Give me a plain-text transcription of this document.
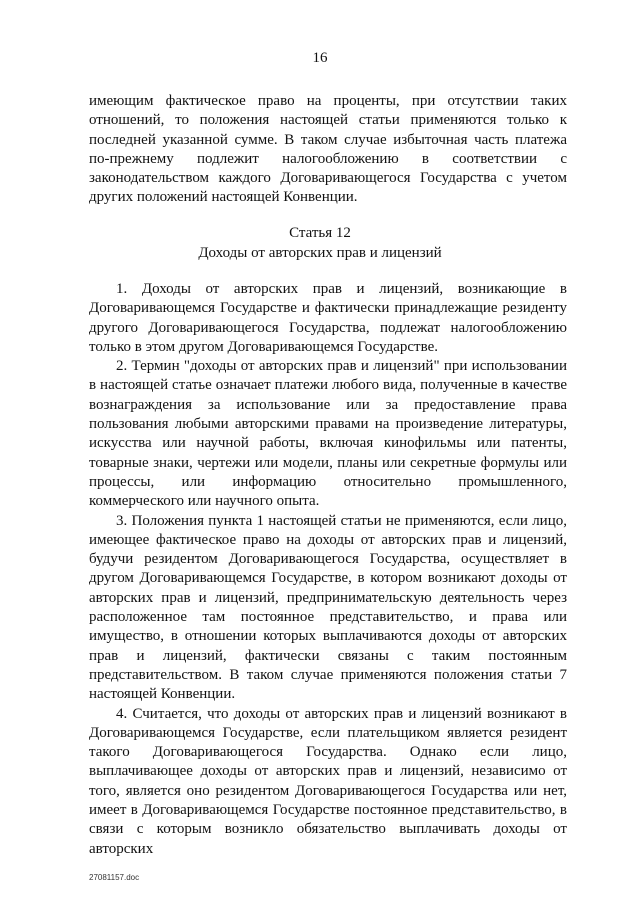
16

имеющим фактическое право на проценты, при отсутствии таких отношений, то положения настоящей статьи применяются только к последней указанной сумме. В таком случае избыточная часть платежа по-прежнему подлежит налогообложению в соответствии с законодательством каждого Договаривающегося Государства с учетом других положений настоящей Конвенции.

Статья 12
Доходы от авторских прав и лицензий

1. Доходы от авторских прав и лицензий, возникающие в Договаривающемся Государстве и фактически принадлежащие резиденту другого Договаривающегося Государства, подлежат налогообложению только в этом другом Договаривающемся Государстве.

2. Термин "доходы от авторских прав и лицензий" при использовании в настоящей статье означает платежи любого вида, полученные в качестве вознаграждения за использование или за предоставление права пользования любыми авторскими правами на произведение литературы, искусства или научной работы, включая кинофильмы или патенты, товарные знаки, чертежи или модели, планы или секретные формулы или процессы, или информацию относительно промышленного, коммерческого или научного опыта.

3. Положения пункта 1 настоящей статьи не применяются, если лицо, имеющее фактическое право на доходы от авторских прав и лицензий, будучи резидентом Договаривающегося Государства, осуществляет в другом Договаривающемся Государстве, в котором возникают доходы от авторских прав и лицензий, предпринимательскую деятельность через расположенное там постоянное представительство, и права или имущество, в отношении которых выплачиваются доходы от авторских прав и лицензий, фактически связаны с таким постоянным представительством. В таком случае применяются положения статьи 7 настоящей Конвенции.

4. Считается, что доходы от авторских прав и лицензий возникают в Договаривающемся Государстве, если плательщиком является резидент такого Договаривающегося Государства. Однако если лицо, выплачивающее доходы от авторских прав и лицензий, независимо от того, является оно резидентом Договаривающегося Государства или нет, имеет в Договаривающемся Государстве постоянное представительство, в связи с которым возникло обязательство выплачивать доходы от авторских

27081157.doc
